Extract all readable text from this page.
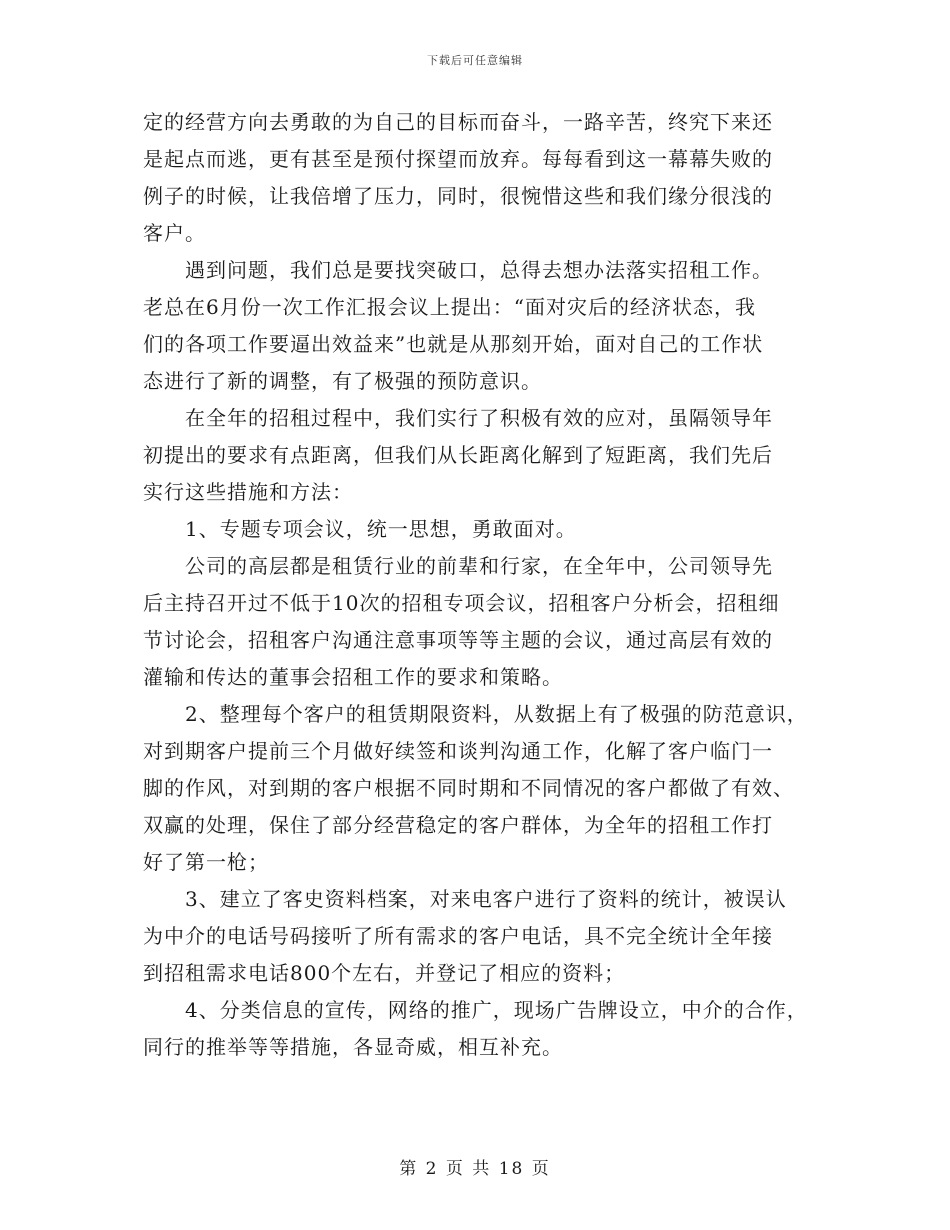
下载后可任意编辑
定的经营方向去勇敢的为自己的目标而奋斗，一路辛苦，终究下来还
是起点而逃，更有甚至是预付探望而放弃。每每看到这一幕幕失败的
例子的时候，让我倍增了压力，同时，很惋惜这些和我们缘分很浅的
客户。
　　遇到问题，我们总是要找突破口，总得去想办法落实招租工作。
老总在6月份一次工作汇报会议上提出：“面对灾后的经济状态，我
们的各项工作要逼出效益来”也就是从那刻开始，面对自己的工作状
态进行了新的调整，有了极强的预防意识。
　　在全年的招租过程中，我们实行了积极有效的应对，虽隔领导年
初提出的要求有点距离，但我们从长距离化解到了短距离，我们先后
实行这些措施和方法：
　　1、专题专项会议，统一思想，勇敢面对。
　　公司的高层都是租赁行业的前辈和行家，在全年中，公司领导先
后主持召开过不低于10次的招租专项会议，招租客户分析会，招租细
节讨论会，招租客户沟通注意事项等等主题的会议，通过高层有效的
灌输和传达的董事会招租工作的要求和策略。
　　2、整理每个客户的租赁期限资料，从数据上有了极强的防范意识，
对到期客户提前三个月做好续签和谈判沟通工作，化解了客户临门一
脚的作风，对到期的客户根据不同时期和不同情况的客户都做了有效、
双赢的处理，保住了部分经营稳定的客户群体，为全年的招租工作打
好了第一枪；
　　3、建立了客史资料档案，对来电客户进行了资料的统计，被误认
为中介的电话号码接听了所有需求的客户电话，具不完全统计全年接
到招租需求电话800个左右，并登记了相应的资料；
　　4、分类信息的宣传，网络的推广，现场广告牌设立，中介的合作，
同行的推举等等措施，各显奇威，相互补充。
第 2 页 共 18 页
